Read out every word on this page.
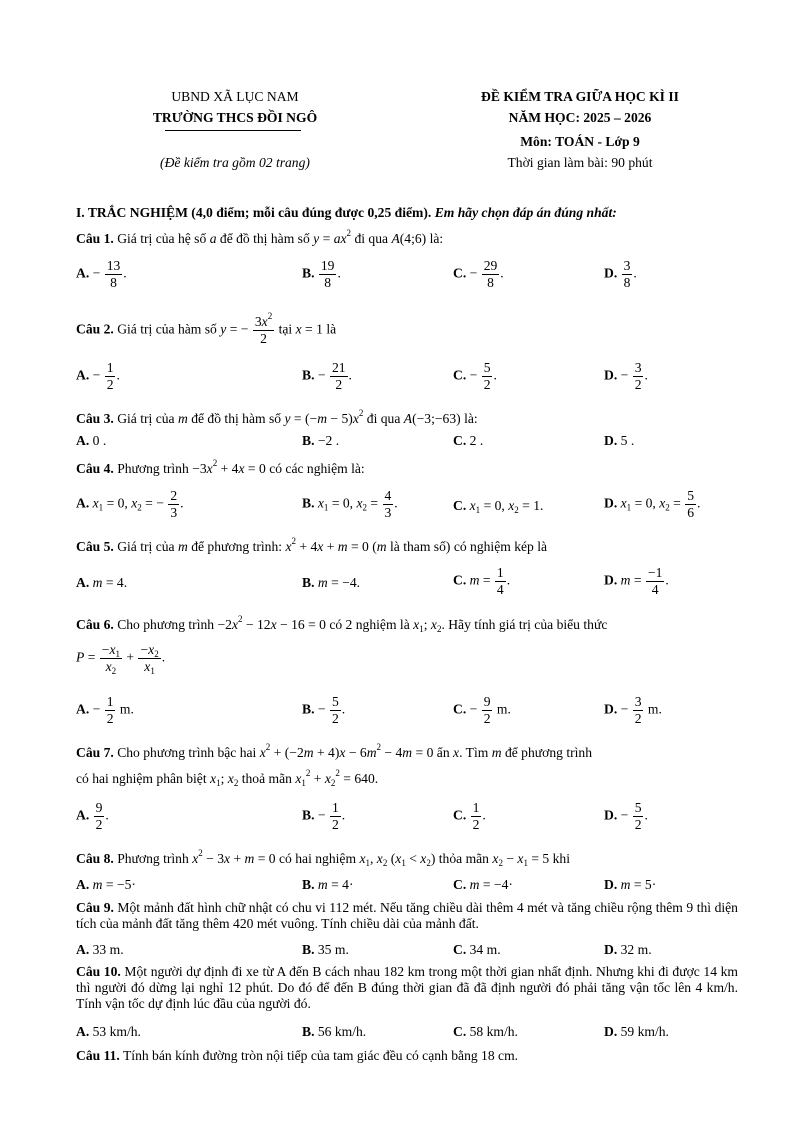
UBND XÃ LỤC NAM
TRƯỜNG THCS ĐỒI NGÔ
(Đề kiểm tra gồm 02 trang)
ĐỀ KIỂM TRA GIỮA HỌC KÌ II
NĂM HỌC: 2025 – 2026
Môn: TOÁN - Lớp 9
Thời gian làm bài: 90 phút
I. TRẮC NGHIỆM (4,0 điểm; mỗi câu đúng được 0,25 điểm). Em hãy chọn đáp án đúng nhất:
Câu 1. Giá trị của hệ số a để đồ thị hàm số $y = ax^2$ đi qua A(4;6) là:
A. − $\frac{13}{8}$ .	B. $\frac{19}{8}$ .	C. − $\frac{29}{8}$ .	D. $\frac{3}{8}$ .
Câu 2. Giá trị của hàm số y = − $\frac{3x^2}{2}$ tại x = 1 là
A. − $\frac{1}{2}$ .	B. − $\frac{21}{2}$ .	C. − $\frac{5}{2}$ .	D. − $\frac{3}{2}$ .
Câu 3. Giá trị của m để đồ thị hàm số $y = (-m - 5)x^2$ đi qua A(−3;−63) là:
A. 0 .	B. −2 .	C. 2 .	D. 5 .
Câu 4. Phương trình $-3x^2 + 4x = 0$ có các nghiệm là:
A. $x_1 = 0$, $x_2$ = − $\frac{2}{3}$ .	B. $x_1 = 0$, $x_2 = \frac{4}{3}$ .	C. $x_1 = 0$, $x_2 = 1$.	D. $x_1 = 0$, $x_2 = \frac{5}{6}$ .
Câu 5. Giá trị của m để phương trình: $x^2 + 4x + m = 0$ (m là tham số) có nghiệm kép là
A. m = 4.	B. m = −4.	C. $m = \frac{1}{4}$ .	D. $m = \frac{-1}{4}$ .
Câu 6. Cho phương trình $-2x^2 - 12x - 16 = 0$ có 2 nghiệm là $x_1$; $x_2$. Hãy tính giá trị của biểu thức
$P = \frac{-x_1}{x_2} + \frac{-x_2}{x_1}$ .
A. − $\frac{1}{2} m$.	B. − $\frac{5}{2}$ .	C. − $\frac{9}{2} m$.	D. − $\frac{3}{2} m$.
Câu 7. Cho phương trình bậc hai $x^2 + (-2m + 4)x - 6m^2 - 4m = 0$ ẩn x. Tìm m để phương trình
có hai nghiệm phân biệt $x_1$; $x_2$ thoả mãn $x_1^2 + x_2^2 = 640$.
A. $\frac{9}{2}$ .	B. − $\frac{1}{2}$ .	C. $\frac{1}{2}$ .	D. − $\frac{5}{2}$ .
Câu 8. Phương trình $x^2 - 3x + m = 0$ có hai nghiệm $x_1$, $x_2$ $(x_1 < x_2)$ thỏa mãn $x_2 - x_1 = 5$ khi
A. m = −5·	B. m = 4·	C. m = −4·	D. m = 5·
Câu 9. Một mảnh đất hình chữ nhật có chu vi 112 mét. Nếu tăng chiều dài thêm 4 mét và tăng chiều rộng thêm 9 thì diện tích của mảnh đất tăng thêm 420 mét vuông. Tính chiều dài của mảnh đất.
A. 33 m.	B. 35 m.	C. 34 m.	D. 32 m.
Câu 10. Một người dự định đi xe từ A đến B cách nhau 182 km trong một thời gian nhất định. Nhưng khi đi được 14 km thì người đó dừng lại nghỉ 12 phút. Do đó để đến B đúng thời gian đã đã định người đó phải tăng vận tốc lên 4 km/h. Tính vận tốc dự định lúc đầu của người đó.
A. 53 km/h.	B. 56 km/h.	C. 58 km/h.	D. 59 km/h.
Câu 11. Tính bán kính đường tròn nội tiếp của tam giác đều có cạnh bằng 18 cm.
